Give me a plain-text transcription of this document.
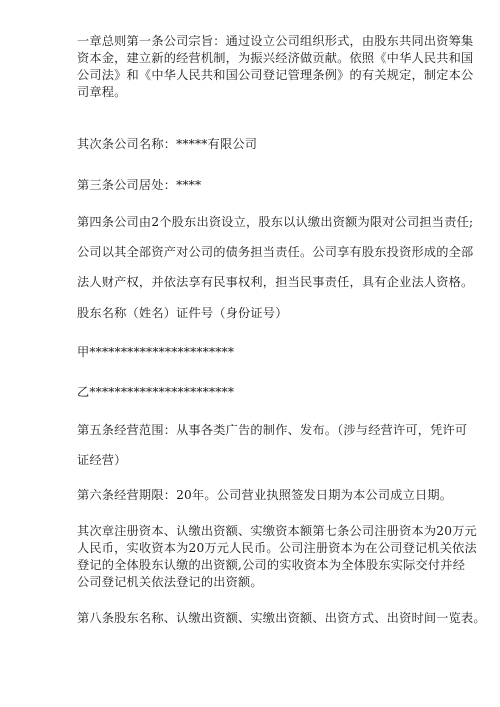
一章总则第一条公司宗旨：通过设立公司组织形式，由股东共同出资筹集
资本金，建立新的经营机制，为振兴经济做贡献。依照《中华人民共和国
公司法》和《中华人民共和国公司登记管理条例》的有关规定，制定本公
司章程。
其次条公司名称：*****有限公司
第三条公司居处：****
第四条公司由2个股东出资设立，股东以认缴出资额为限对公司担当责任;
公司以其全部资产对公司的债务担当责任。公司享有股东投资形成的全部
法人财产权，并依法享有民事权利，担当民事责任，具有企业法人资格。
股东名称（姓名）证件号（身份证号）
甲***********************
乙***********************
第五条经营范围：从事各类广告的制作、发布。（涉与经营许可，凭许可
证经营）
第六条经营期限：20年。公司营业执照签发日期为本公司成立日期。
其次章注册资本、认缴出资额、实缴资本额第七条公司注册资本为20万元
人民币，实收资本为20万元人民币。公司注册资本为在公司登记机关依法
登记的全体股东认缴的出资额,公司的实收资本为全体股东实际交付并经
公司登记机关依法登记的出资额。
第八条股东名称、认缴出资额、实缴出资额、出资方式、出资时间一览表。
